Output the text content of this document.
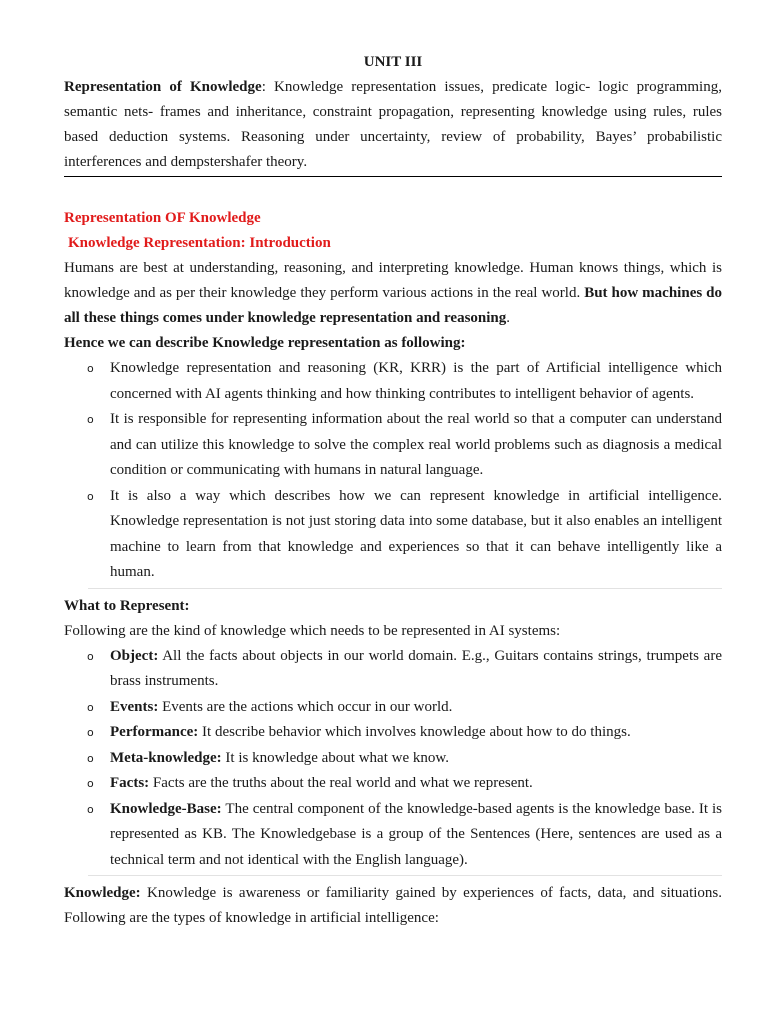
UNIT III

Representation of Knowledge: Knowledge representation issues, predicate logic- logic programming, semantic nets- frames and inheritance, constraint propagation, representing knowledge using rules, rules based deduction systems. Reasoning under uncertainty, review of probability, Bayes’ probabilistic interferences and dempstershafer theory.

Representation OF Knowledge

Knowledge Representation: Introduction

Humans are best at understanding, reasoning, and interpreting knowledge. Human knows things, which is knowledge and as per their knowledge they perform various actions in the real world. But how machines do all these things comes under knowledge representation and reasoning.

Hence we can describe Knowledge representation as following:

o Knowledge representation and reasoning (KR, KRR) is the part of Artificial intelligence which concerned with AI agents thinking and how thinking contributes to intelligent behavior of agents.
o It is responsible for representing information about the real world so that a computer can understand and can utilize this knowledge to solve the complex real world problems such as diagnosis a medical condition or communicating with humans in natural language.
o It is also a way which describes how we can represent knowledge in artificial intelligence. Knowledge representation is not just storing data into some database, but it also enables an intelligent machine to learn from that knowledge and experiences so that it can behave intelligently like a human.

What to Represent:

Following are the kind of knowledge which needs to be represented in AI systems:

o Object: All the facts about objects in our world domain. E.g., Guitars contains strings, trumpets are brass instruments.
o Events: Events are the actions which occur in our world.
o Performance: It describe behavior which involves knowledge about how to do things.
o Meta-knowledge: It is knowledge about what we know.
o Facts: Facts are the truths about the real world and what we represent.
o Knowledge-Base: The central component of the knowledge-based agents is the knowledge base. It is represented as KB. The Knowledgebase is a group of the Sentences (Here, sentences are used as a technical term and not identical with the English language).

Knowledge: Knowledge is awareness or familiarity gained by experiences of facts, data, and situations. Following are the types of knowledge in artificial intelligence:
